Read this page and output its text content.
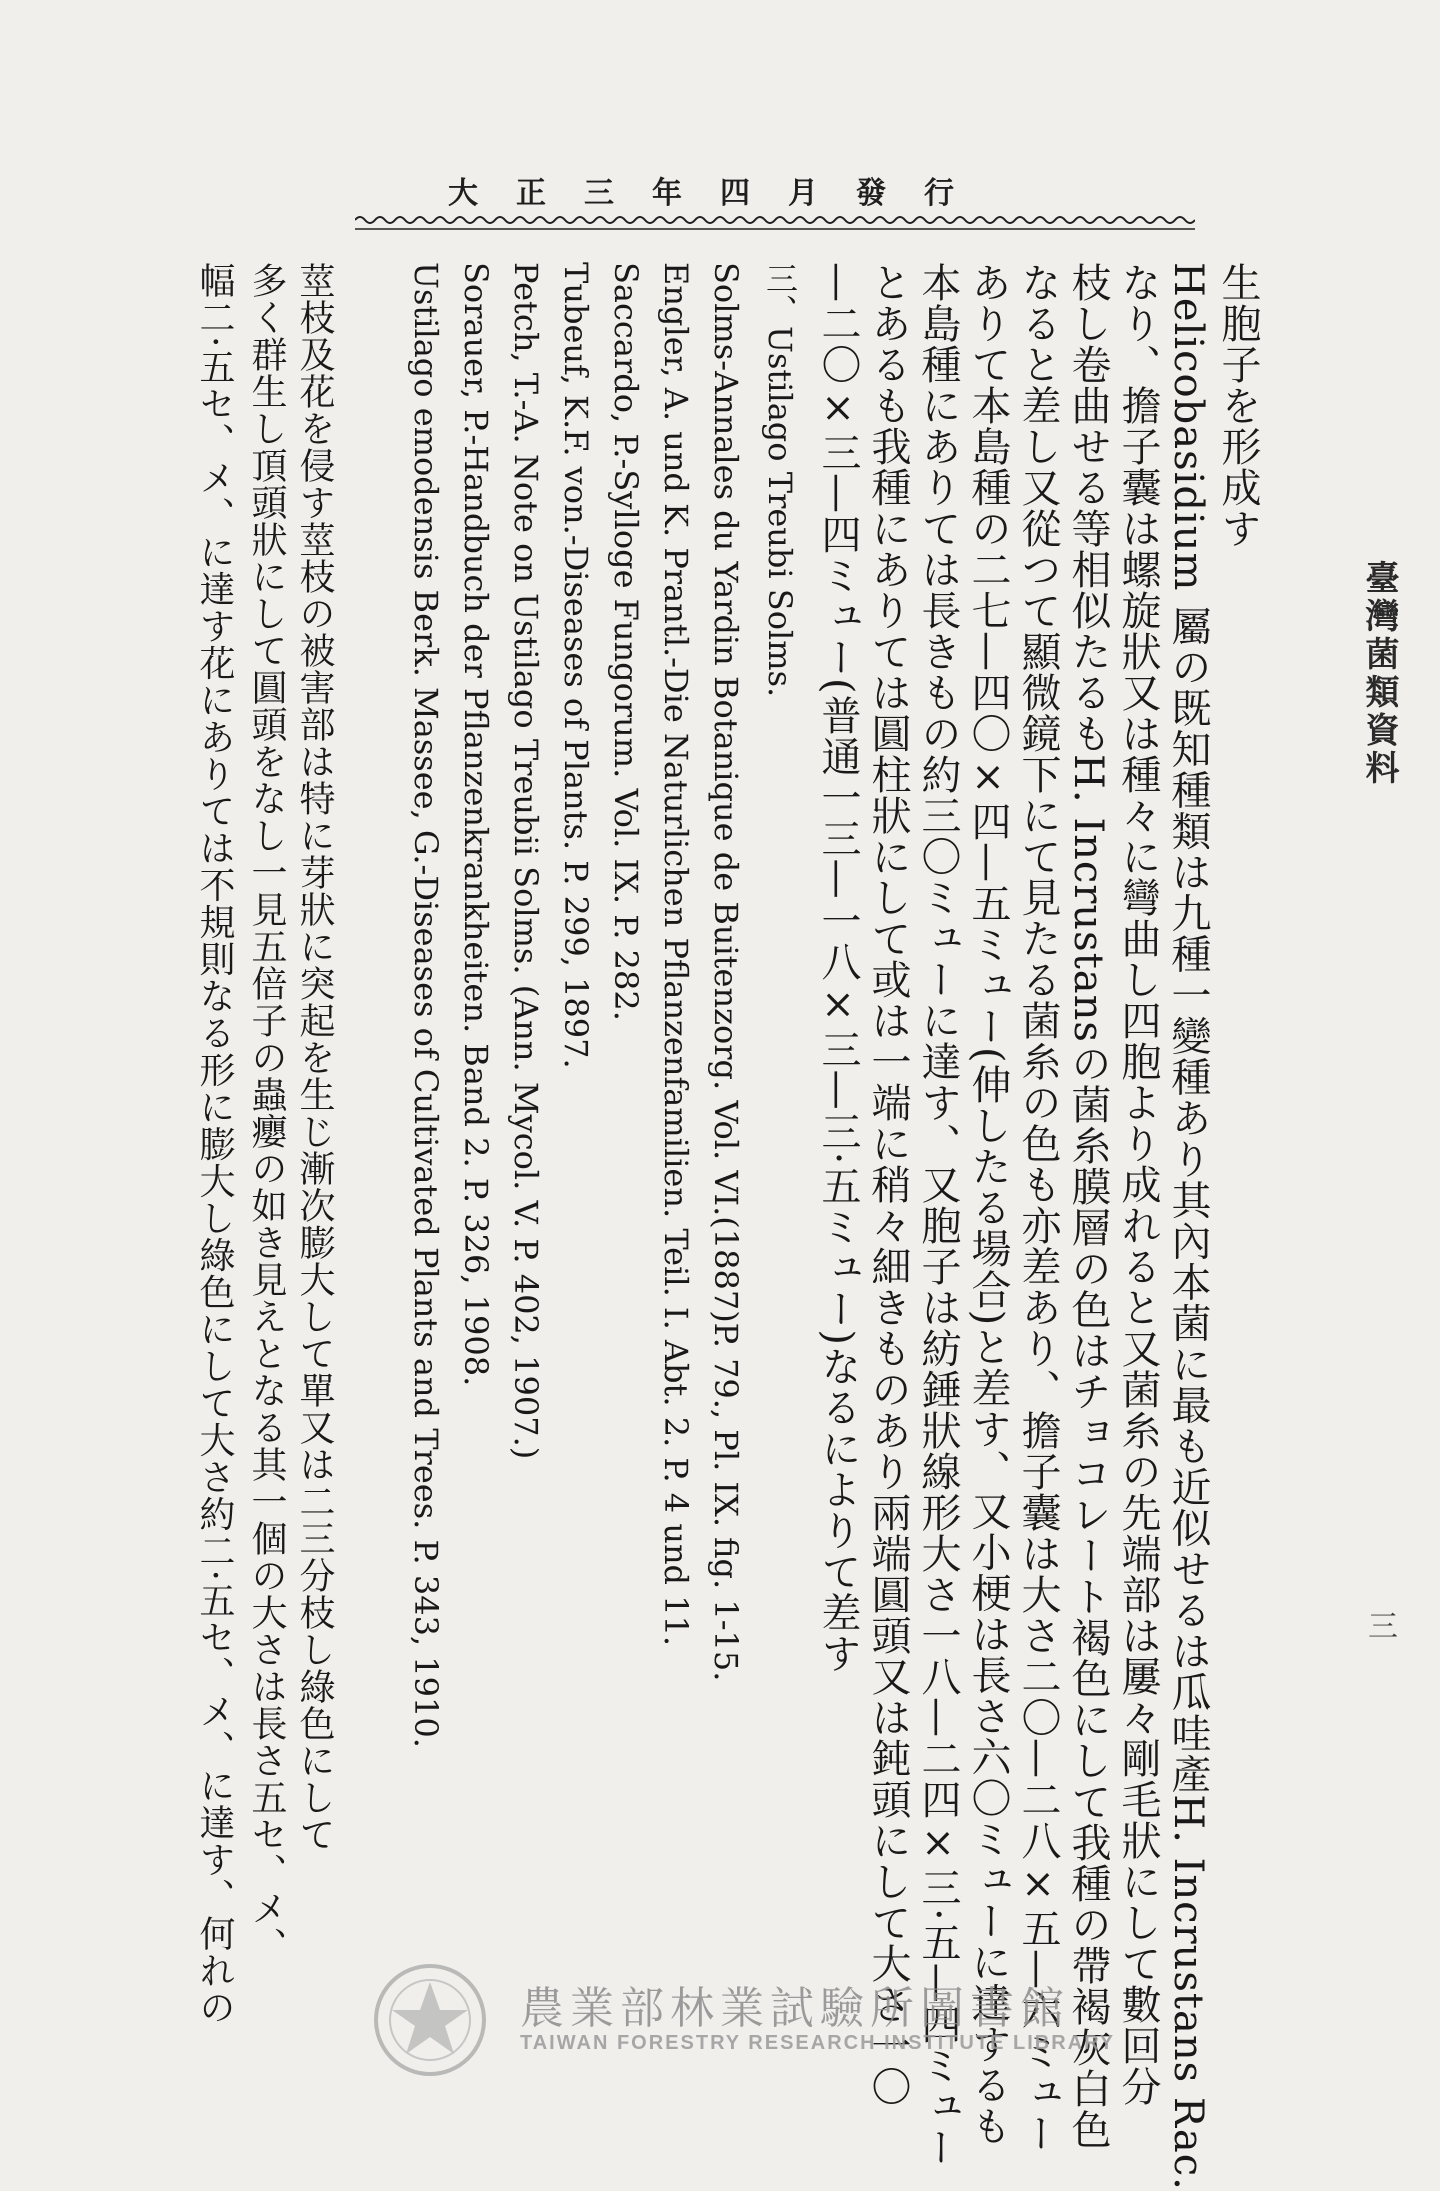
大正三年四月發行
臺灣菌類資料
三
生胞子を形成す
Helicobasidium 屬の既知種類は九種一變種あり其內本菌に最も近似せるは瓜哇產H. Incrustans Rac.
なり、擔子囊は螺旋狀又は種々に彎曲し四胞より成れると又菌糸の先端部は屢々剛毛狀にして數回分
枝し卷曲せる等相似たるもH. Incrustansの菌糸膜層の色はチョコレート褐色にして我種の帶褐灰白色
なると差し又從つて顯微鏡下にて見たる菌糸の色も亦差あり、擔子囊は大さ二〇—二八×五—六ミュー
ありて本島種の二七—四〇×四—五ミュー(伸したる場合)と差す、又小梗は長さ六〇ミューに達するも
本島種にありては長きもの約三〇ミューに達す、又胞子は紡錘狀線形大さ一八—二四×三·五—四ミュー
とあるも我種にありては圓柱狀にして或は一端に稍々細きものあり兩端圓頭又は鈍頭にして大さ一〇
—二〇×三—四ミュー(普通一三—一八×三—三·五ミュー)なるによりて差す
三、Ustilago Treubi Solms.
Solms-Annales du Yardin Botanique de Buitenzorg. Vol. VI.(1887)P. 79., Pl. IX. fig. 1-15.
Engler, A. und K. Prantl.-Die Naturlichen Pflanzenfamilien. Teil. I. Abt. 2. P. 4 und 11.
Saccardo, P.-Sylloge Fungorum. Vol. IX. P. 282.
Tubeuf, K.F. von.-Diseases of Plants. P. 299, 1897.
Petch, T.-A. Note on Ustilago Treubii Solms. (Ann. Mycol. V. P. 402, 1907.)
Sorauer, P.-Handbuch der Pflanzenkrankheiten. Band 2. P. 326, 1908.
Ustilago emodensis Berk. Massee, G.-Diseases of Cultivated Plants and Trees. P. 343, 1910.
莖枝及花を侵す莖枝の被害部は特に芽狀に突起を生じ漸次膨大して單又は二三分枝し綠色にして
多く群生し頂頭狀にして圓頭をなし一見五倍子の蟲癭の如き見えとなる其一個の大さは長さ五セ、メ、
幅二·五セ、メ、に達す花にありては不規則なる形に膨大し綠色にして大さ約二·五セ、メ、に達す、何れの	農業部林業試驗所圖書館
TAIWAN FORESTRY RESEARCH INSTITUTE LIBRARY
